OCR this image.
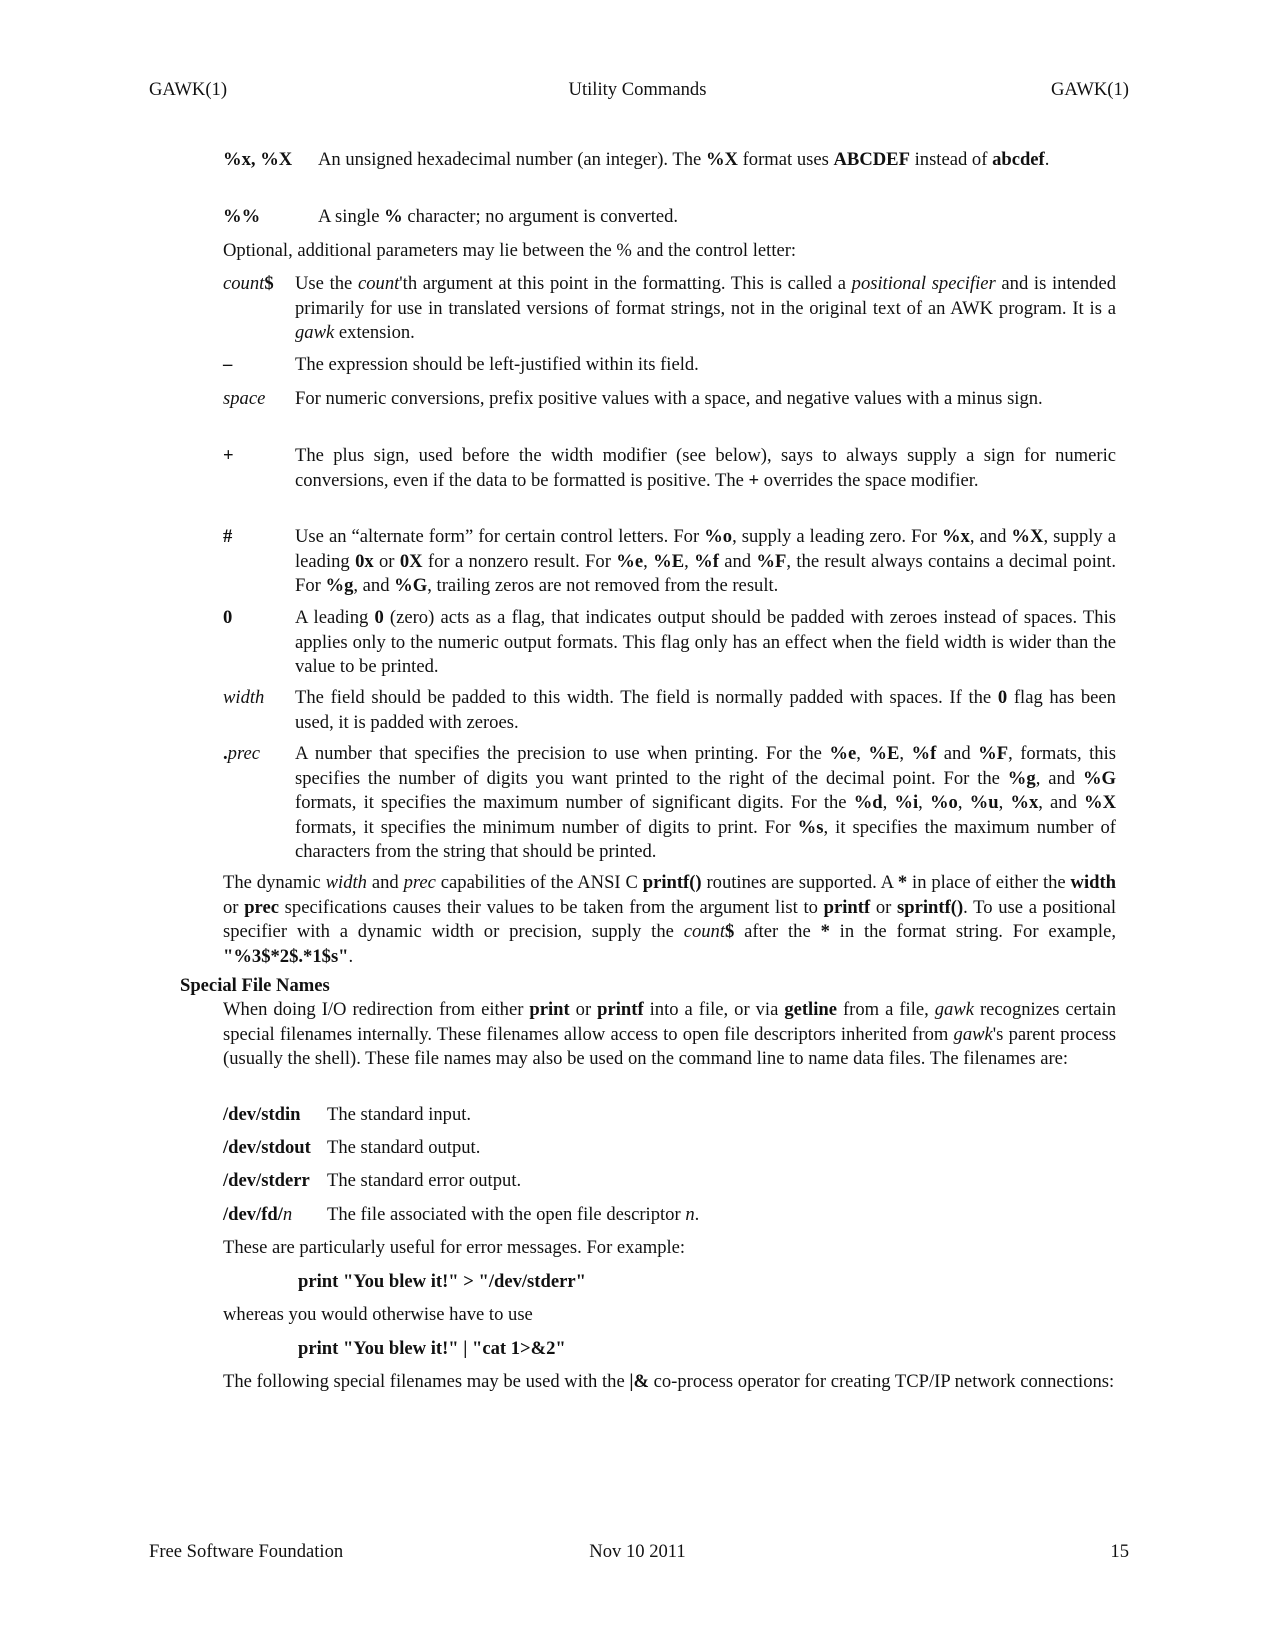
GAWK(1)	Utility Commands	GAWK(1)
%x, %X An unsigned hexadecimal number (an integer). The %X format uses ABCDEF instead of abcdef.
%%	A single % character; no argument is converted.
Optional, additional parameters may lie between the % and the control letter:
count$ Use the count'th argument at this point in the formatting. This is called a positional specifier and is intended primarily for use in translated versions of format strings, not in the original text of an AWK program. It is a gawk extension.
–	The expression should be left-justified within its field.
space For numeric conversions, prefix positive values with a space, and negative values with a minus sign.
+	The plus sign, used before the width modifier (see below), says to always supply a sign for numeric conversions, even if the data to be formatted is positive. The + overrides the space modifier.
#	Use an “alternate form” for certain control letters. For %o, supply a leading zero. For %x, and %X, supply a leading 0x or 0X for a nonzero result. For %e, %E, %f and %F, the result always contains a decimal point. For %g, and %G, trailing zeros are not removed from the result.
0	A leading 0 (zero) acts as a flag, that indicates output should be padded with zeroes instead of spaces. This applies only to the numeric output formats. This flag only has an effect when the field width is wider than the value to be printed.
width The field should be padded to this width. The field is normally padded with spaces. If the 0 flag has been used, it is padded with zeroes.
.prec A number that specifies the precision to use when printing. For the %e, %E, %f and %F, formats, this specifies the number of digits you want printed to the right of the decimal point. For the %g, and %G formats, it specifies the maximum number of significant digits. For the %d, %i, %o, %u, %x, and %X formats, it specifies the minimum number of digits to print. For %s, it specifies the maximum number of characters from the string that should be printed.
The dynamic width and prec capabilities of the ANSI C printf() routines are supported. A * in place of either the width or prec specifications causes their values to be taken from the argument list to printf or sprintf(). To use a positional specifier with a dynamic width or precision, supply the count$ after the * in the format string. For example, "%3$*2$.*1$s".
Special File Names
When doing I/O redirection from either print or printf into a file, or via getline from a file, gawk recognizes certain special filenames internally. These filenames allow access to open file descriptors inherited from gawk's parent process (usually the shell). These file names may also be used on the command line to name data files. The filenames are:
/dev/stdin The standard input.
/dev/stdout The standard output.
/dev/stderr The standard error output.
/dev/fd/n The file associated with the open file descriptor n.
These are particularly useful for error messages. For example:
print "You blew it!" > "/dev/stderr"
whereas you would otherwise have to use
print "You blew it!" | "cat 1>&2"
The following special filenames may be used with the |& co-process operator for creating TCP/IP network connections:
Free Software Foundation	Nov 10 2011	15
